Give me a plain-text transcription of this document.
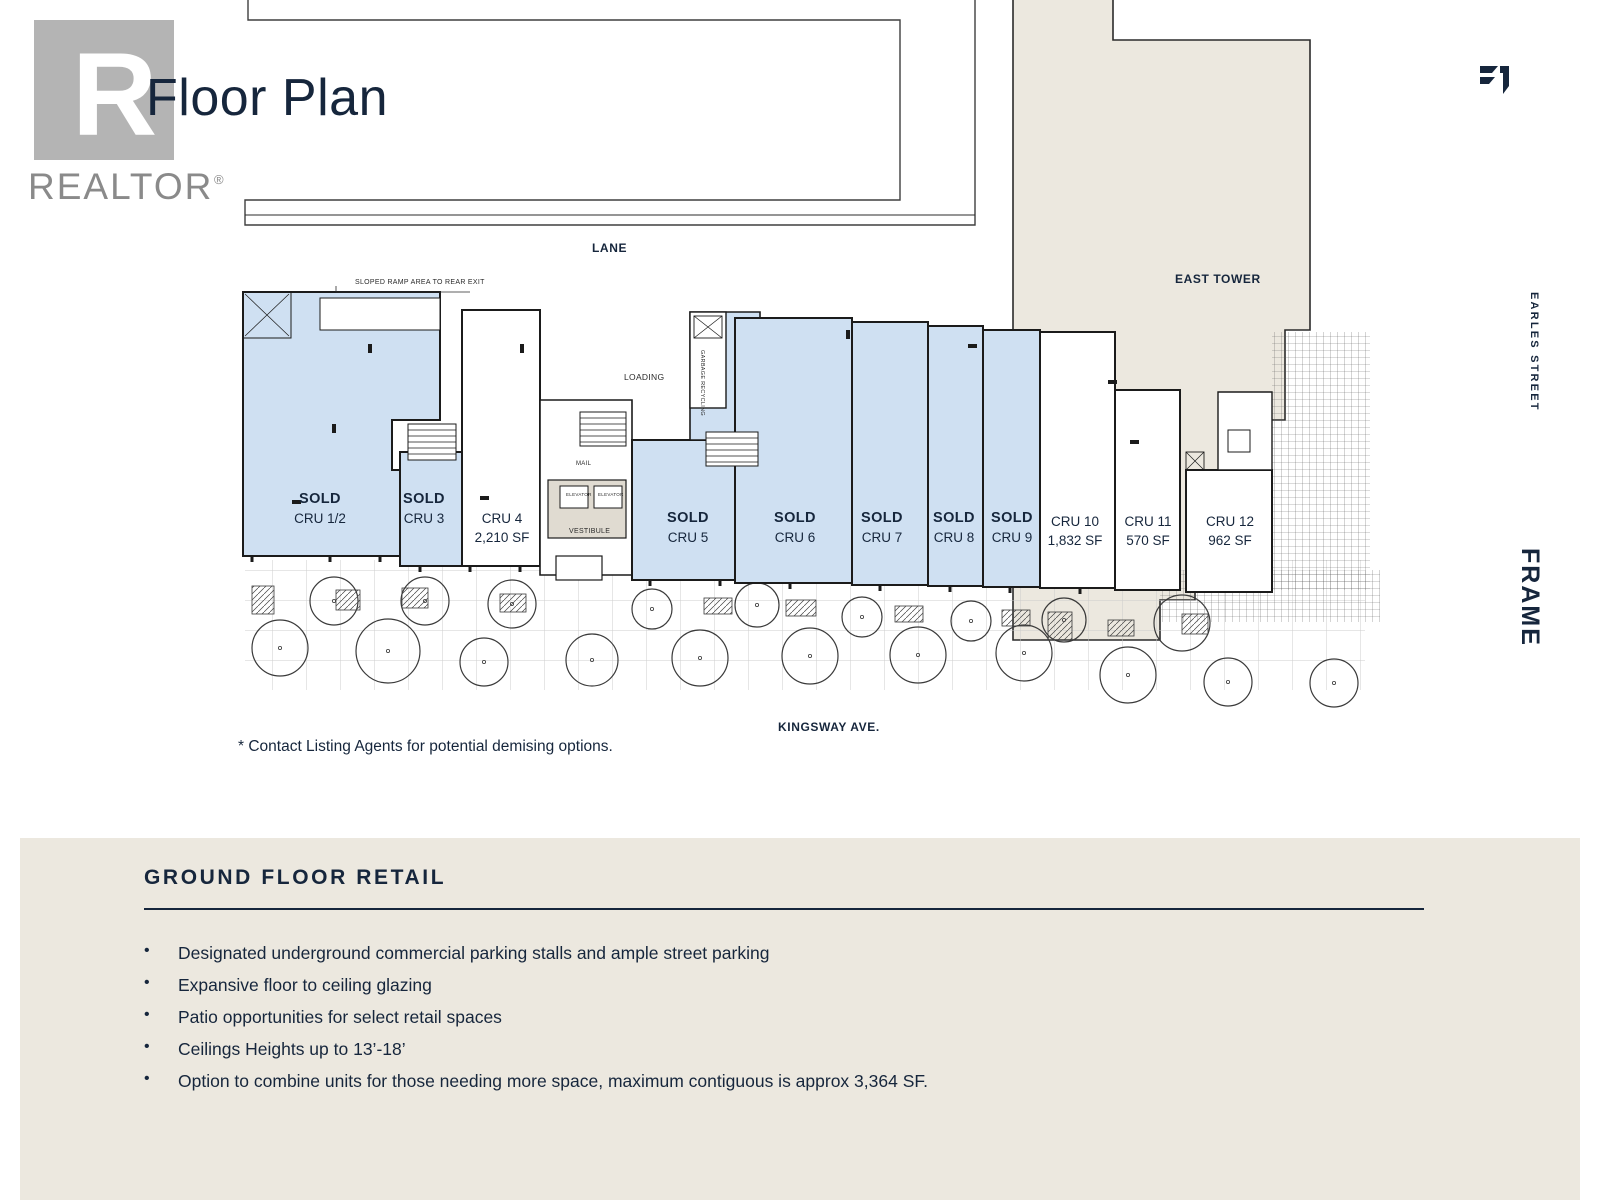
R
REALTOR ®
Floor Plan
EARLES STREET
FRAME
LANE
EAST TOWER
KINGSWAY AVE.
SLOPED RAMP AREA TO REAR EXIT
LOADING	GARBAGE RECYCLING
VESTIBULE
MAIL
ELEVATOR ELEVATOR
SOLD
CRU 1/2
SOLD
CRU 3	CRU 4
2,210 SF
SOLD
CRU 5
SOLD
CRU 6
SOLD
CRU 7
SOLD
CRU 8
SOLD
CRU 9
CRU 10
1,832 SF
CRU 11
570 SF
CRU 12
962 SF
* Contact Listing Agents for potential demising options.
GROUND FLOOR RETAIL
•	Designated underground commercial parking stalls and ample street parking
•	Expansive floor to ceiling glazing
•	Patio opportunities for select retail spaces
•	Ceilings Heights up to 13’-18’
•	Option to combine units for those needing more space, maximum contiguous is approx 3,364 SF.
